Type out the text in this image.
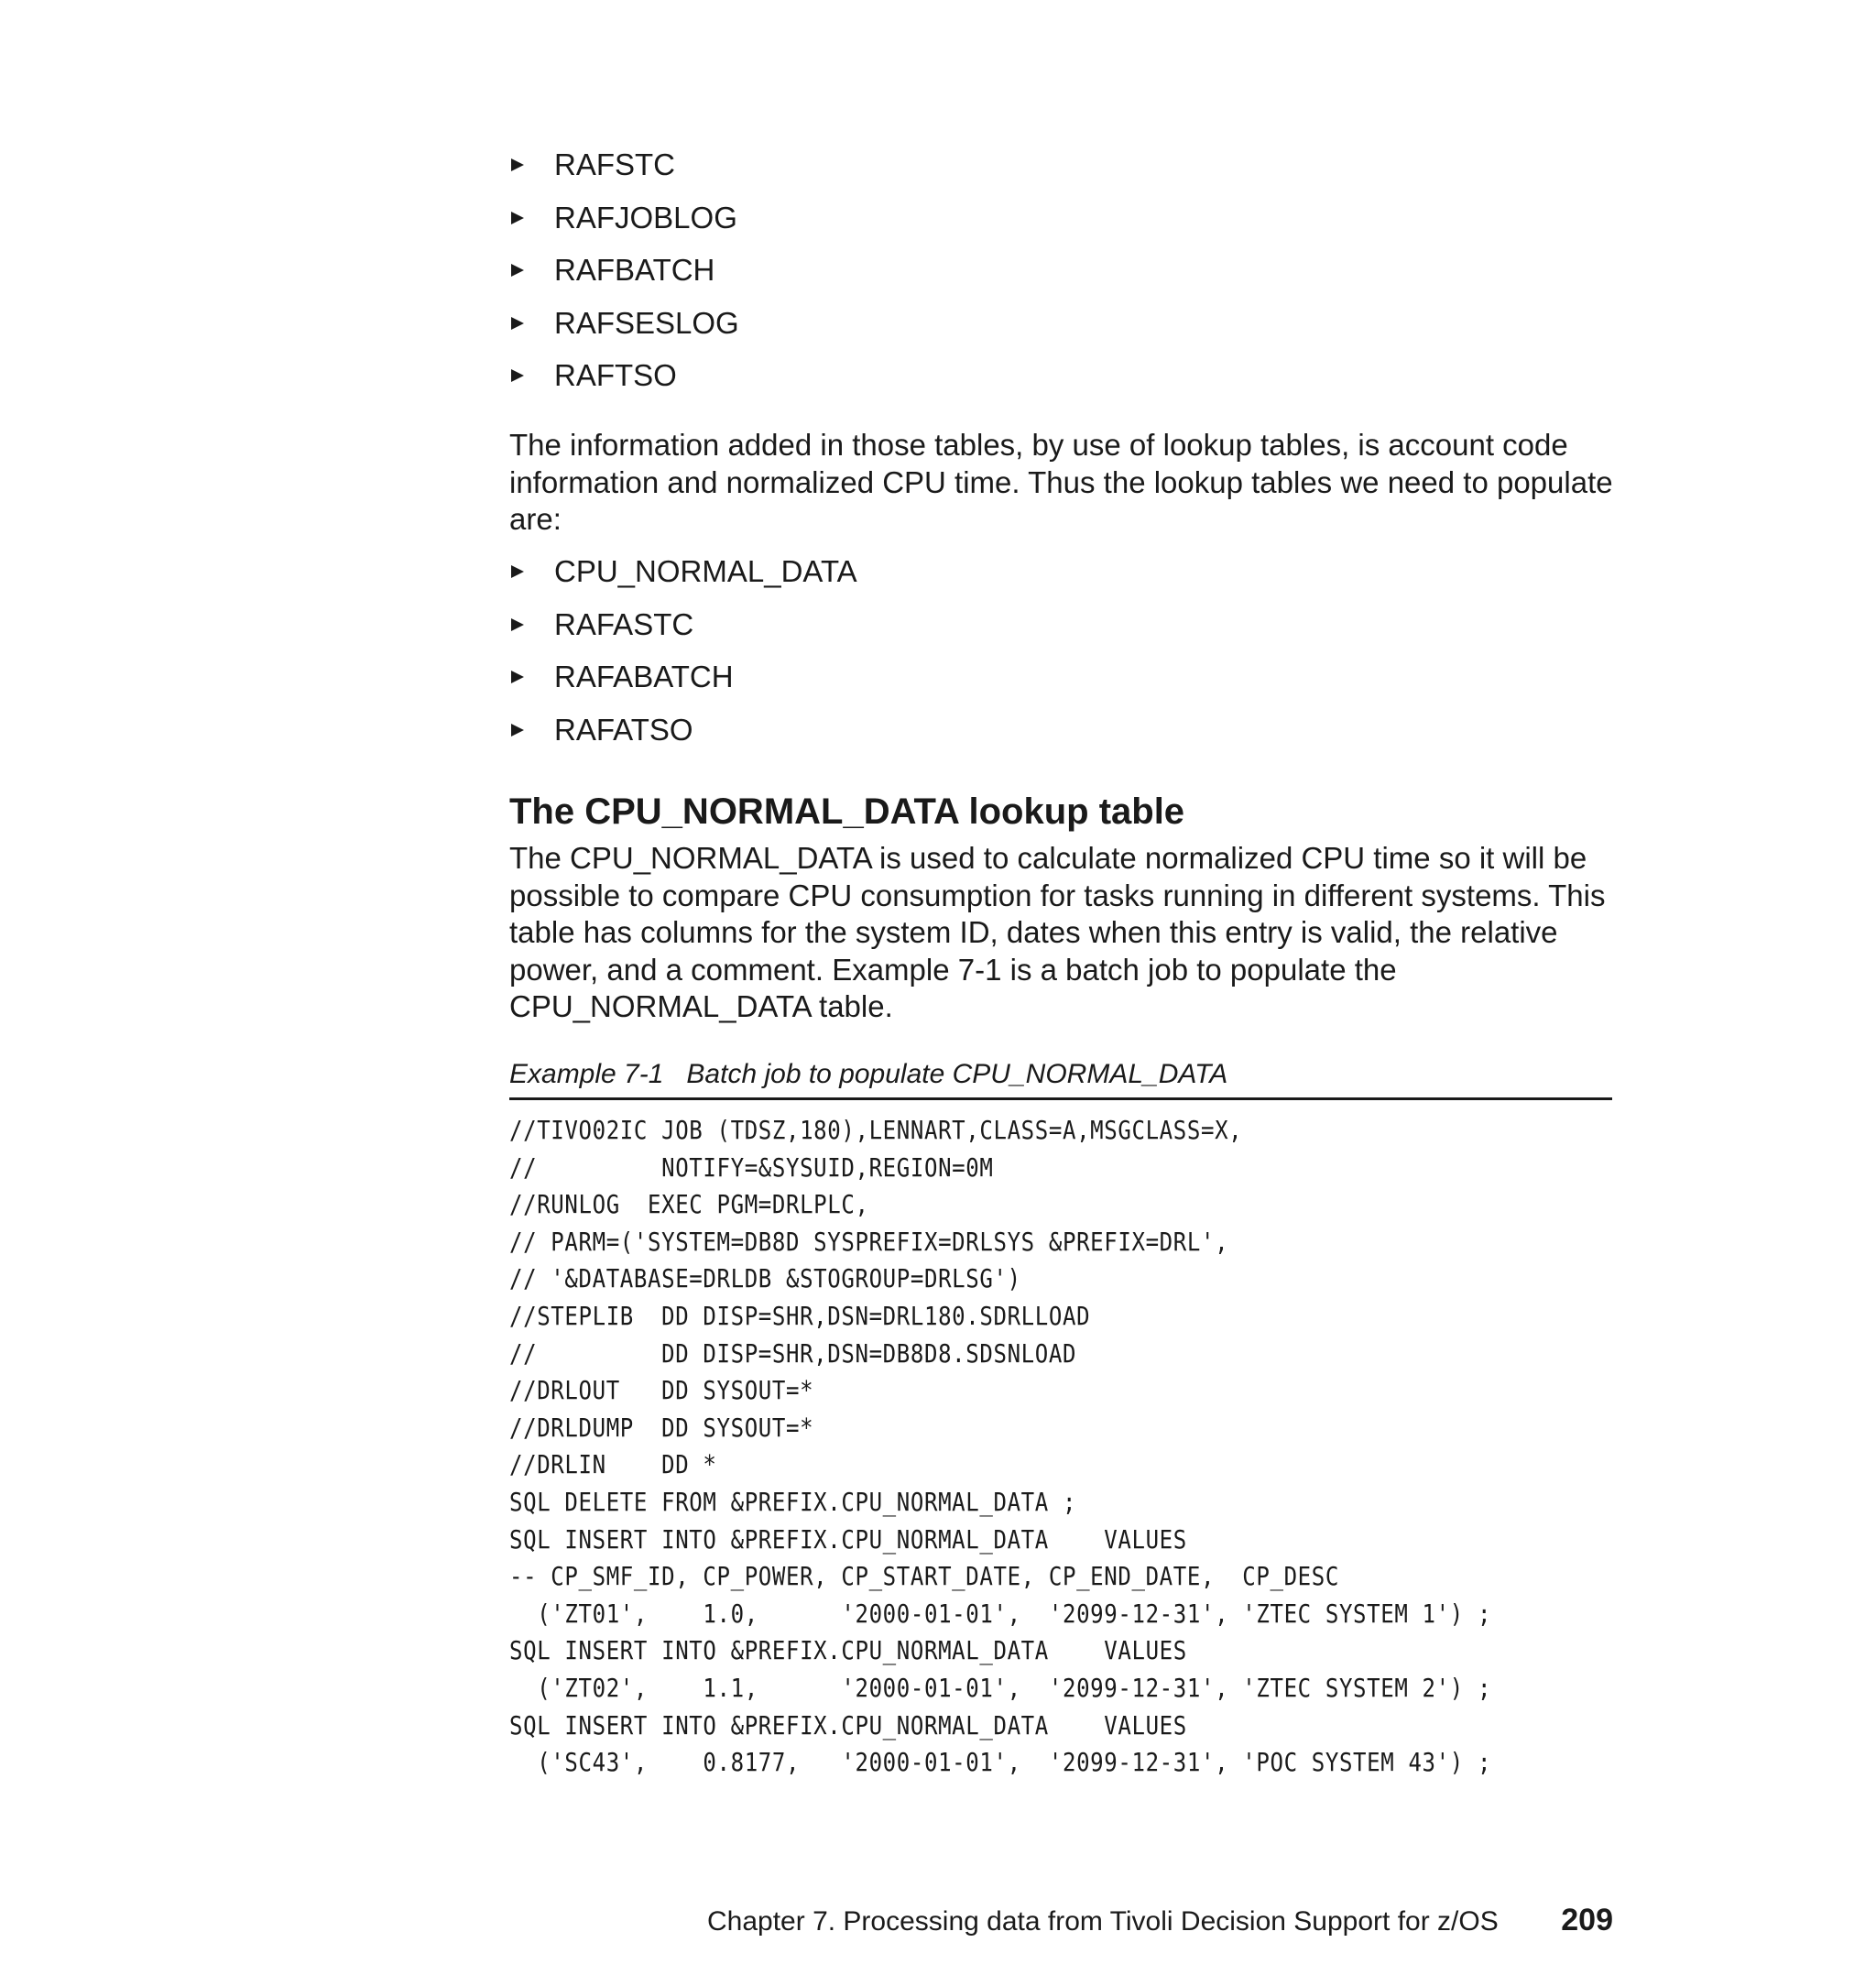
RAFSTC
RAFJOBLOG
RAFBATCH
RAFSESLOG
RAFTSO

The information added in those tables, by use of lookup tables, is account code information and normalized CPU time. Thus the lookup tables we need to populate are:

CPU_NORMAL_DATA
RAFASTC
RAFABATCH
RAFATSO
The CPU_NORMAL_DATA lookup table

The CPU_NORMAL_DATA is used to calculate normalized CPU time so it will be possible to compare CPU consumption for tasks running in different systems. This table has columns for the system ID, dates when this entry is valid, the relative power, and a comment. Example 7-1 is a batch job to populate the CPU_NORMAL_DATA table.

Example 7-1   Batch job to populate CPU_NORMAL_DATA
//TIVO02IC JOB (TDSZ,180),LENNART,CLASS=A,MSGCLASS=X,
//         NOTIFY=&SYSUID,REGION=0M
//RUNLOG  EXEC PGM=DRLPLC,
// PARM=('SYSTEM=DB8D SYSPREFIX=DRLSYS &PREFIX=DRL',
// '&DATABASE=DRLDB &STOGROUP=DRLSG')
//STEPLIB  DD DISP=SHR,DSN=DRL180.SDRLLOAD
//         DD DISP=SHR,DSN=DB8D8.SDSNLOAD
//DRLOUT   DD SYSOUT=*
//DRLDUMP  DD SYSOUT=*
//DRLIN    DD *
SQL DELETE FROM &PREFIX.CPU_NORMAL_DATA ;
SQL INSERT INTO &PREFIX.CPU_NORMAL_DATA    VALUES
-- CP_SMF_ID, CP_POWER, CP_START_DATE, CP_END_DATE,  CP_DESC
('ZT01',    1.0,      '2000-01-01',  '2099-12-31', 'ZTEC SYSTEM 1') ;
SQL INSERT INTO &PREFIX.CPU_NORMAL_DATA    VALUES
('ZT02',    1.1,      '2000-01-01',  '2099-12-31', 'ZTEC SYSTEM 2') ;
SQL INSERT INTO &PREFIX.CPU_NORMAL_DATA    VALUES
('SC43',    0.8177,   '2000-01-01',  '2099-12-31', 'POC SYSTEM 43') ;
Chapter 7. Processing data from Tivoli Decision Support for z/OS 209
